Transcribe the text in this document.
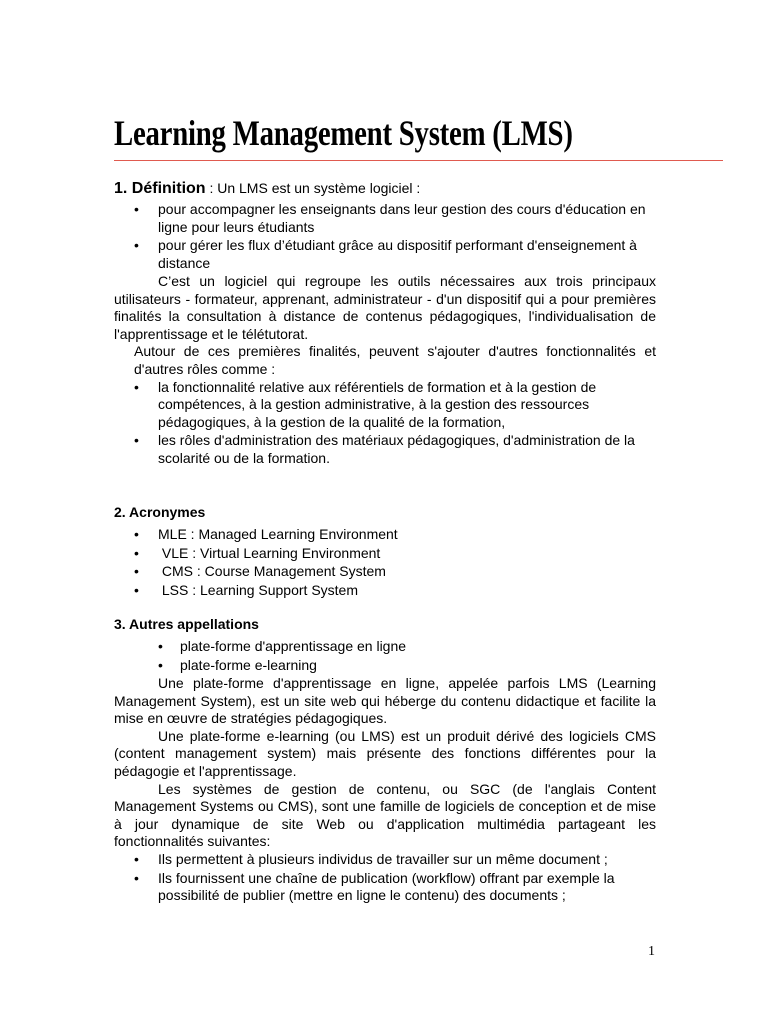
Learning Management System (LMS)

1. Définition : Un LMS est un système logiciel :

• pour accompagner les enseignants dans leur gestion des cours d'éducation en ligne pour leurs étudiants
• pour gérer les flux d’étudiant grâce au dispositif performant d'enseignement à distance

C’est un logiciel qui regroupe les outils nécessaires aux trois principaux utilisateurs - formateur, apprenant, administrateur - d'un dispositif qui a pour premières finalités la consultation à distance de contenus pédagogiques, l'individualisation de l'apprentissage et le télétutorat.

Autour de ces premières finalités, peuvent s'ajouter d'autres fonctionnalités et d'autres rôles comme :

• la fonctionnalité relative aux référentiels de formation et à la gestion de compétences, à la gestion administrative, à la gestion des ressources pédagogiques, à la gestion de la qualité de la formation,
• les rôles d'administration des matériaux pédagogiques, d'administration de la scolarité ou de la formation.

2. Acronymes

• MLE : Managed Learning Environment
•  VLE : Virtual Learning Environment
•  CMS : Course Management System
•  LSS : Learning Support System

3. Autres appellations

• plate-forme d'apprentissage en ligne
• plate-forme e-learning

Une plate-forme d'apprentissage en ligne, appelée parfois LMS (Learning Management System), est un site web qui héberge du contenu didactique et facilite la mise en œuvre de stratégies pédagogiques.

Une plate-forme e-learning (ou LMS) est un produit dérivé des logiciels CMS (content management system) mais présente des fonctions différentes pour la pédagogie et l'apprentissage.

Les systèmes de gestion de contenu, ou SGC (de l'anglais Content Management Systems ou CMS), sont une famille de logiciels de conception et de mise à jour dynamique de site Web ou d'application multimédia partageant les fonctionnalités suivantes:

• Ils permettent à plusieurs individus de travailler sur un même document ;
• Ils fournissent une chaîne de publication (workflow) offrant par exemple la possibilité de publier (mettre en ligne le contenu) des documents ;
1
